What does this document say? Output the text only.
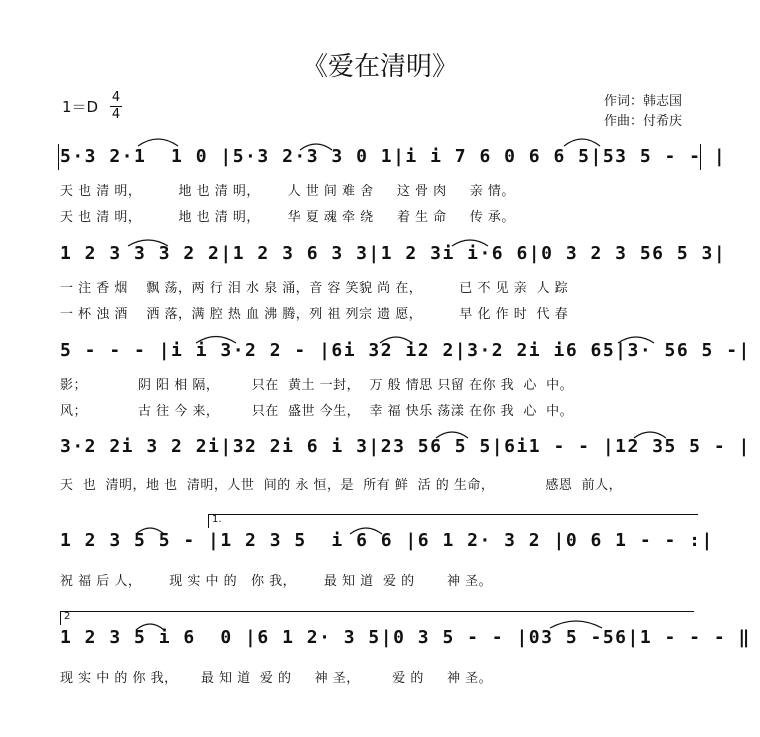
《爱在清明》
$1=D \frac{4}{4}$	作词：韩志国
作曲：付希庆
5·3 2·1  1 0 |5·3 2·3 3 0 1|i i 7 6 0 6 6 5|53 5 - - |
天 也 清 明，        地 也 清 明，      人 世 间 难 舍     这 骨 肉     亲 情。
天 也 清 明，        地 也 清 明，      华 夏 魂 牵 绕     着 生 命     传 承。
1 2 3 3 3 2 2|1 2 3 6 3 3|1 2 3i i·6 6|0 3 2 3 56 5 3|
一 注 香 烟    飘 荡，两 行 泪 水 泉 涌，音 容 笑貌 尚 在，        已 不 见 亲  人 踪
一 杯 浊 酒    洒 落，满 腔 热 血 沸 腾，列 祖 列宗 遗 愿，        早 化 作 时  代 春
5 - - - |i i 3·2 2 - |6i 32 i2 2|3·2 2i i6 65|3· 56 5 -|
影；           阴 阳 相 隔，       只在  黄土 一封，  万 般 情思 只留 在你 我  心  中。
风；           古 往 今 来，       只在  盛世 今生，  幸 福 快乐 荡漾 在你 我  心  中。
3·2 2i 3 2 2i|32 2i 6 i 3|23 56 5 5|6i1 - - |12 35 5 - |
天  也  清明，地 也  清明，人世  间的 永 恒，是  所有 鲜  活 的 生命，           感恩  前人，
1.
1 2 3 5 5 - |1 2 3 5  i 6 6 |6 1 2· 3 2 |0 6 1 - - :|
祝 福 后 人，      现 实 中 的   你 我，      最 知 道  爱 的       神 圣。
2
1 2 3 5 i 6  0 |6 1 2· 3 5|0 3 5 - - |03 5 -56|1 - - - ‖
现 实 中 的 你 我，     最 知 道  爱 的     神 圣，       爱 的     神 圣。
